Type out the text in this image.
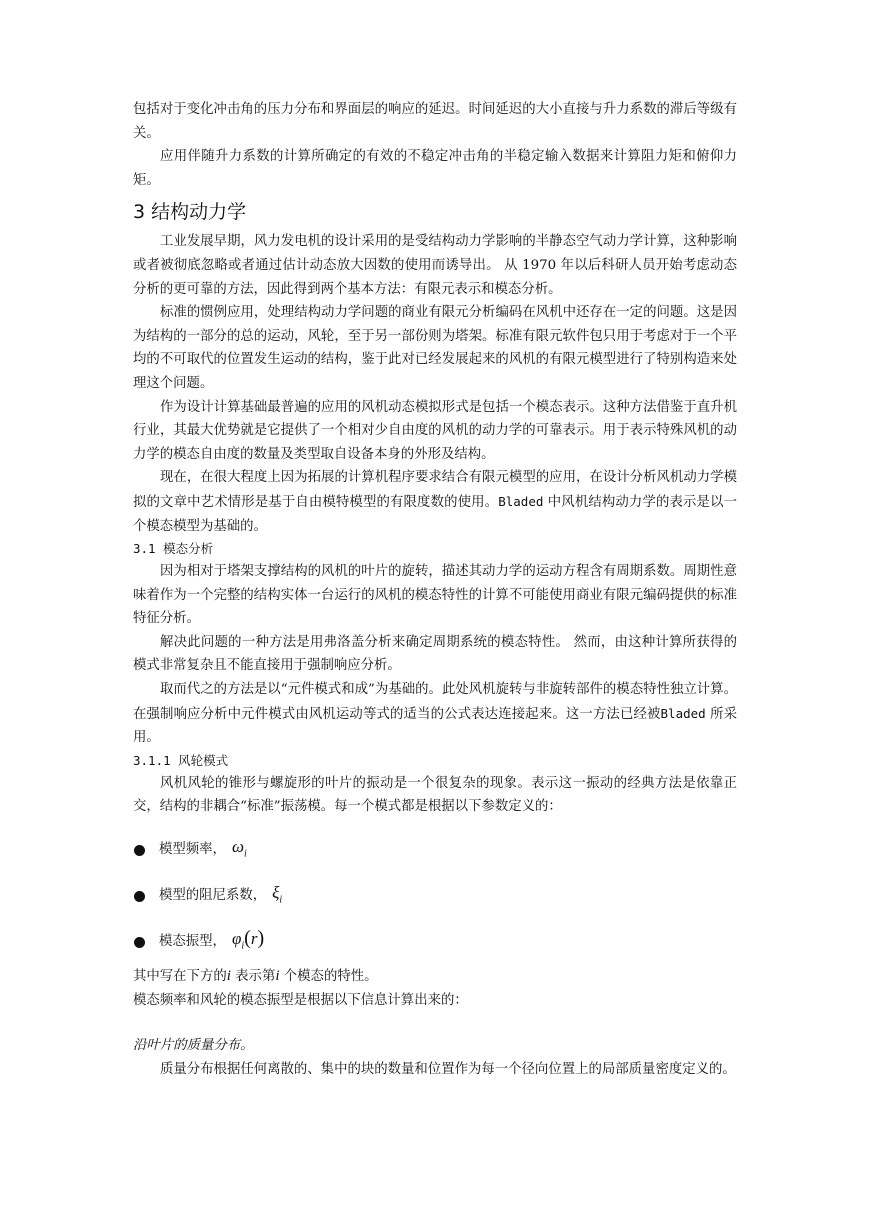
包括对于变化冲击角的压力分布和界面层的响应的延迟。时间延迟的大小直接与升力系数的滞后等级有关。

应用伴随升力系数的计算所确定的有效的不稳定冲击角的半稳定输入数据来计算阻力矩和俯仰力矩。

3 结构动力学

工业发展早期，风力发电机的设计采用的是受结构动力学影响的半静态空气动力学计算，这种影响或者被彻底忽略或者通过估计动态放大因数的使用而诱导出。 从 1970 年以后科研人员开始考虑动态分析的更可靠的方法，因此得到两个基本方法：有限元表示和模态分析。

标准的惯例应用，处理结构动力学问题的商业有限元分析编码在风机中还存在一定的问题。这是因为结构的一部分的总的运动，风轮，至于另一部份则为塔架。标准有限元软件包只用于考虑对于一个平均的不可取代的位置发生运动的结构，鉴于此对已经发展起来的风机的有限元模型进行了特别构造来处理这个问题。

作为设计计算基础最普遍的应用的风机动态模拟形式是包括一个模态表示。这种方法借鉴于直升机行业，其最大优势就是它提供了一个相对少自由度的风机的动力学的可靠表示。用于表示特殊风机的动力学的模态自由度的数量及类型取自设备本身的外形及结构。

现在，在很大程度上因为拓展的计算机程序要求结合有限元模型的应用，在设计分析风机动力学模拟的文章中艺术情形是基于自由模特模型的有限度数的使用。Bladed 中风机结构动力学的表示是以一个模态模型为基础的。

3.1 模态分析

因为相对于塔架支撑结构的风机的叶片的旋转，描述其动力学的运动方程含有周期系数。周期性意味着作为一个完整的结构实体一台运行的风机的模态特性的计算不可能使用商业有限元编码提供的标准特征分析。

解决此问题的一种方法是用弗洛盖分析来确定周期系统的模态特性。 然而，由这种计算所获得的模式非常复杂且不能直接用于强制响应分析。

取而代之的方法是以“元件模式和成”为基础的。此处风机旋转与非旋转部件的模态特性独立计算。在强制响应分析中元件模式由风机运动等式的适当的公式表达连接起来。这一方法已经被Bladed 所采用。

3.1.1 风轮模式

风机风轮的锥形与螺旋形的叶片的振动是一个很复杂的现象。表示这一振动的经典方法是依靠正交，结构的非耦合“标准”振荡模。每一个模式都是根据以下参数定义的：

模型频率， $\omega_i$
模型的阻尼系数， $\xi_i$
模态振型， $\varphi_i(r)$

其中写在下方的i 表示第i 个模态的特性。

模态频率和风轮的模态振型是根据以下信息计算出来的：

沿叶片的质量分布。

质量分布根据任何离散的、集中的块的数量和位置作为每一个径向位置上的局部质量密度定义的。
